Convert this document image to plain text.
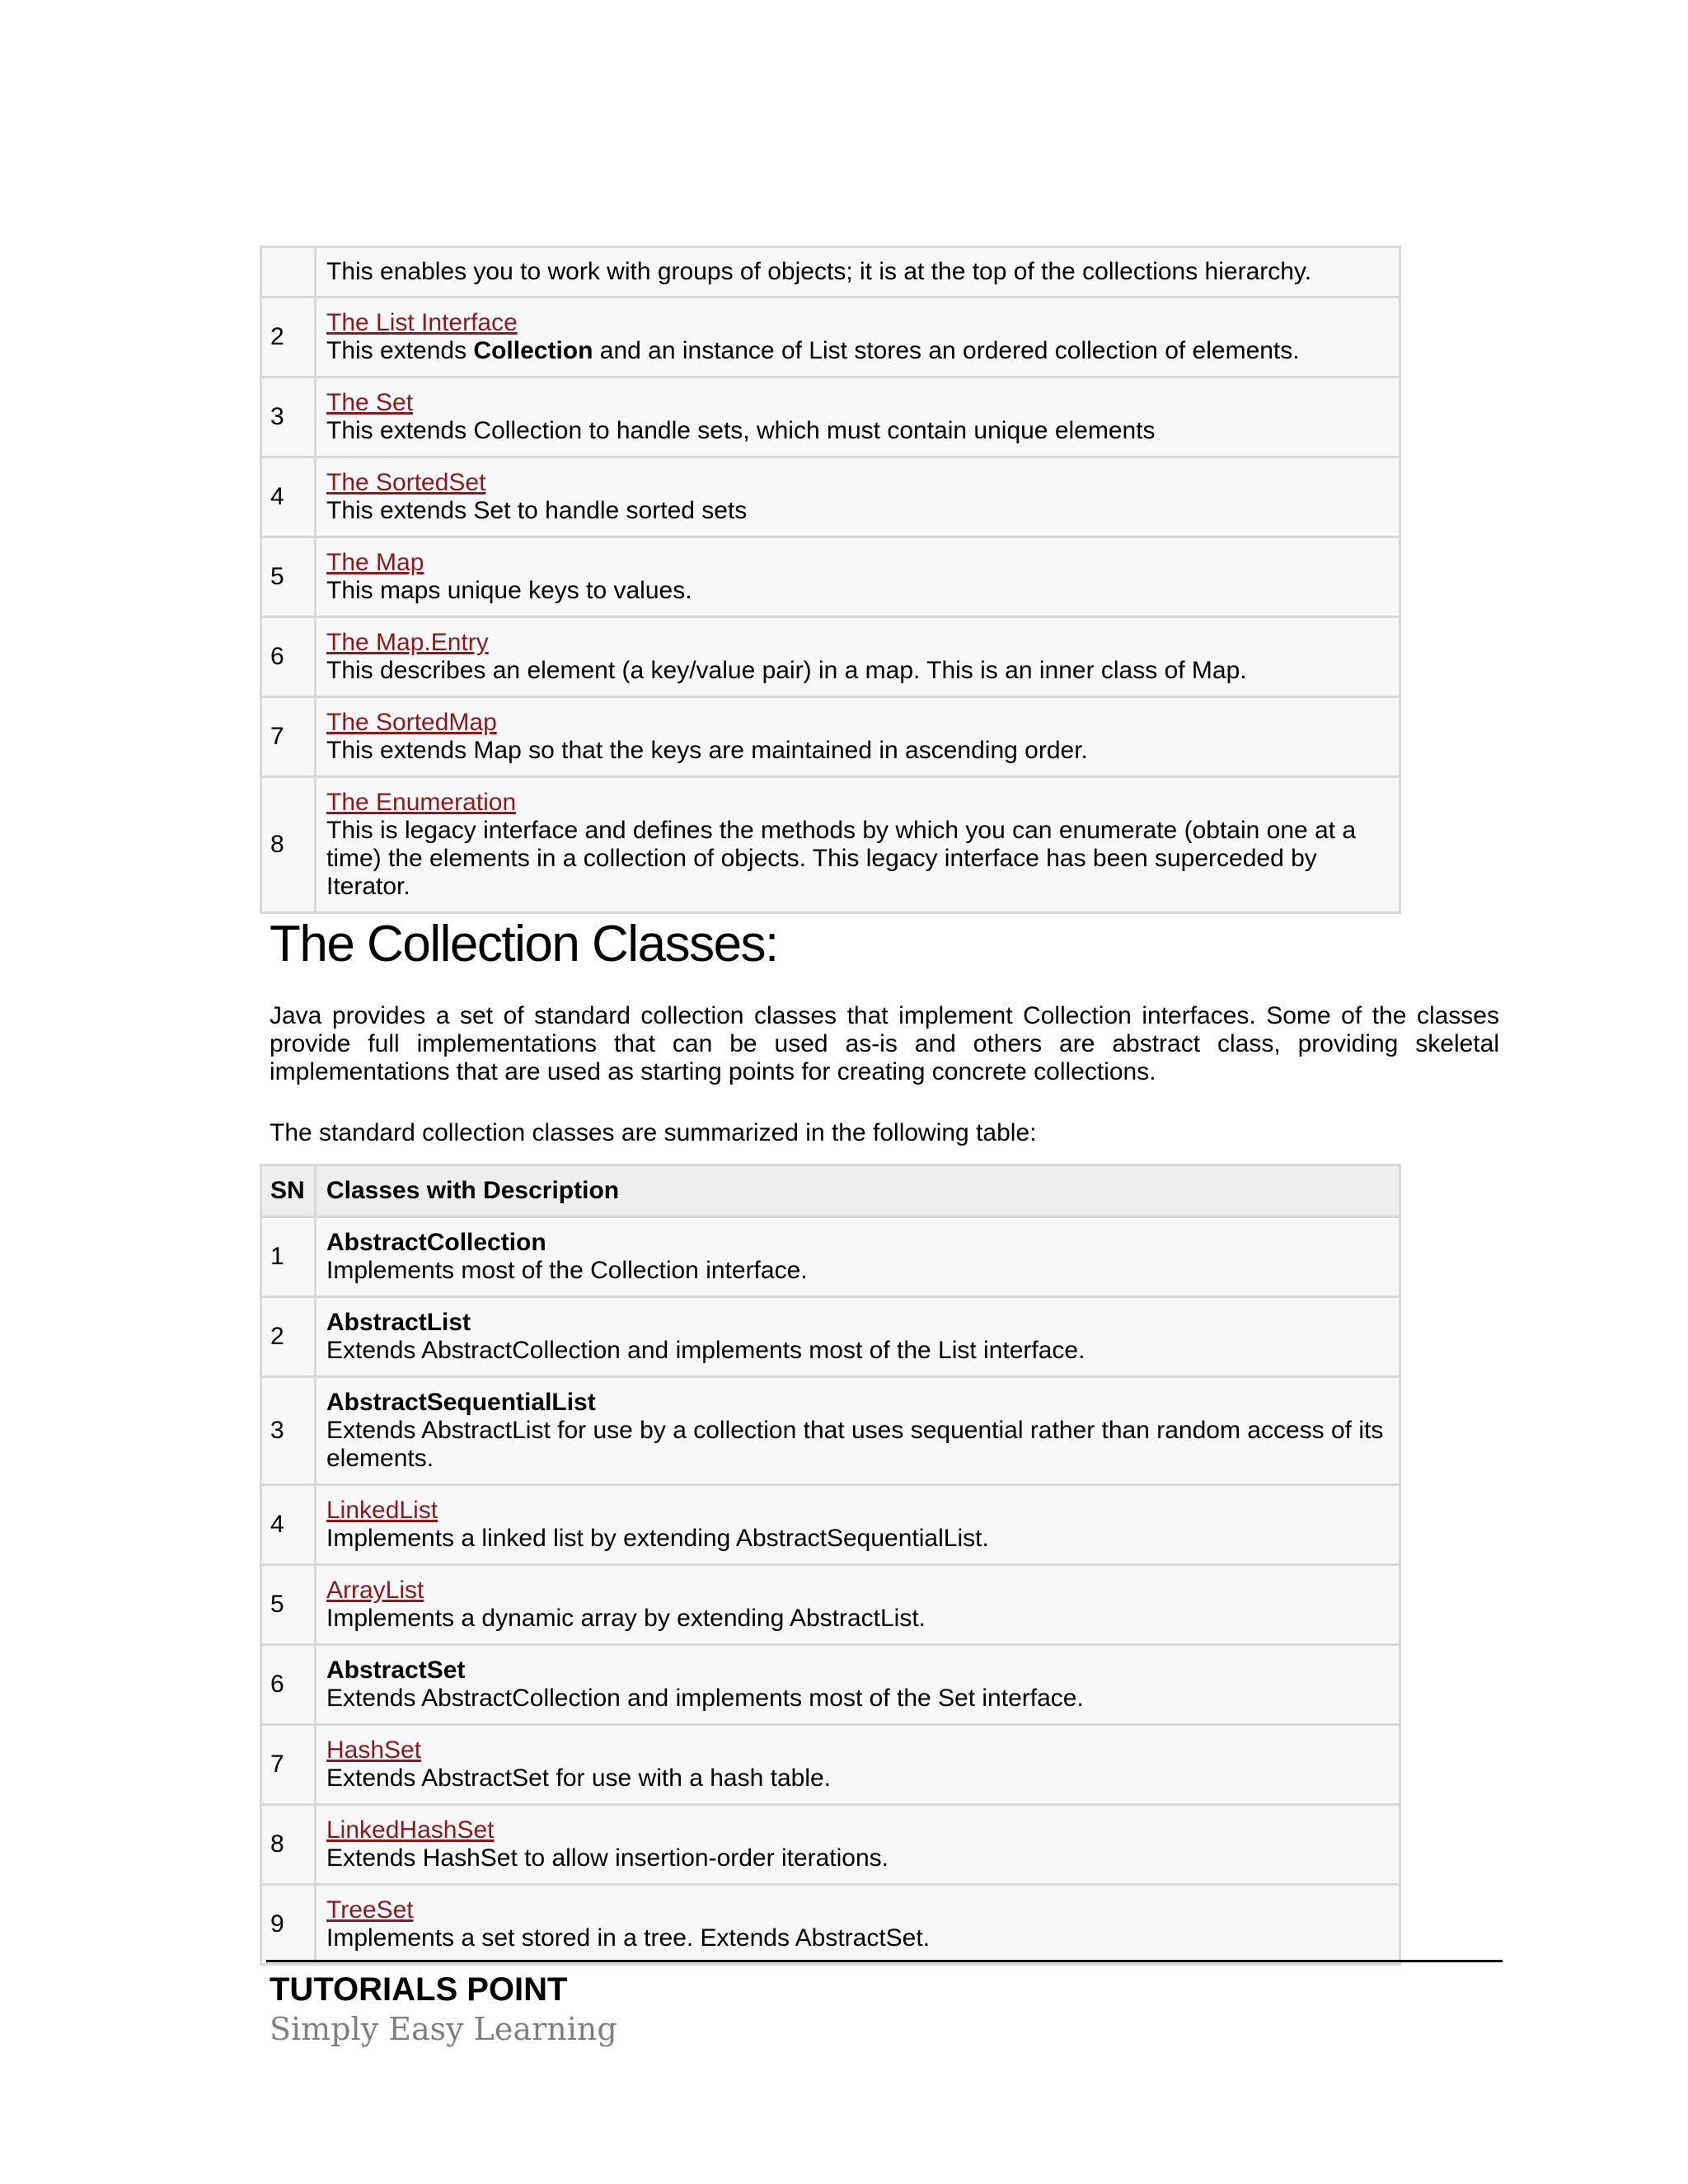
	This enables you to work with groups of objects; it is at the top of the collections hierarchy.

2	The List Interface
This extends Collection and an instance of List stores an ordered collection of elements.

3	The Set
This extends Collection to handle sets, which must contain unique elements

4	The SortedSet
This extends Set to handle sorted sets

5	The Map
This maps unique keys to values.

6	The Map.Entry
This describes an element (a key/value pair) in a map. This is an inner class of Map.

7	The SortedMap
This extends Map so that the keys are maintained in ascending order.

8	The Enumeration
This is legacy interface and defines the methods by which you can enumerate (obtain one at a
time) the elements in a collection of objects. This legacy interface has been superceded by
Iterator.
The Collection Classes:

Java provides a set of standard collection classes that implement Collection interfaces. Some of the classes provide full implementations that can be used as-is and others are abstract class, providing skeletal implementations that are used as starting points for creating concrete collections.

The standard collection classes are summarized in the following table:

SN	Classes with Description
1	AbstractCollection
Implements most of the Collection interface.

2	AbstractList
Extends AbstractCollection and implements most of the List interface.

3	AbstractSequentialList
Extends AbstractList for use by a collection that uses sequential rather than random access of its
elements.

4	LinkedList
Implements a linked list by extending AbstractSequentialList.

5	ArrayList
Implements a dynamic array by extending AbstractList.

6	AbstractSet
Extends AbstractCollection and implements most of the Set interface.

7	HashSet
Extends AbstractSet for use with a hash table.

8	LinkedHashSet
Extends HashSet to allow insertion-order iterations.

9	TreeSet
Implements a set stored in a tree. Extends AbstractSet.
TUTORIALS POINT
Simply Easy Learning
